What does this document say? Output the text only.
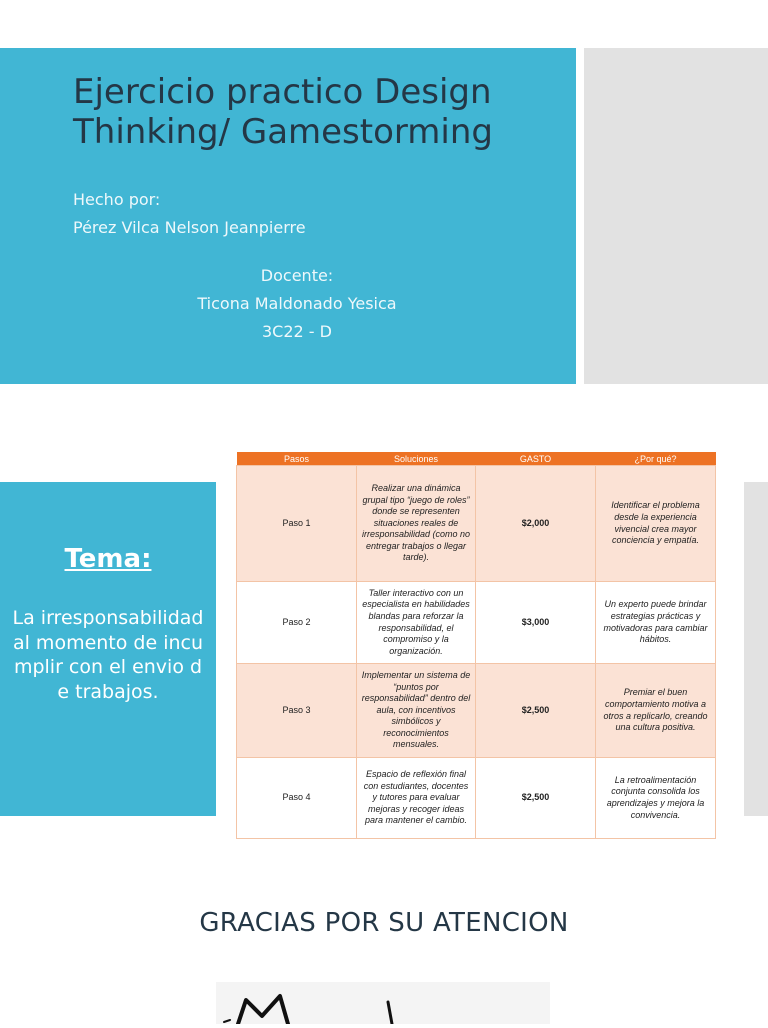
Ejercicio practico Design Thinking/ Gamestorming
Hecho por:
Pérez Vilca Nelson Jeanpierre
Docente:
Ticona Maldonado Yesica
3C22 - D
Tema:
La irresponsabilidad al momento de incumplir con el envio de trabajos.
Pasos	Soluciones	GASTO	¿Por qué?
Paso 1	Realizar una dinámica grupal tipo “juego de roles” donde se representen situaciones reales de irresponsabilidad (como no entregar trabajos o llegar tarde).	$2,000	Identificar el problema desde la experiencia vivencial crea mayor conciencia y empatía.
Paso 2	Taller interactivo con un especialista en habilidades blandas para reforzar la responsabilidad, el compromiso y la organización.	$3,000	Un experto puede brindar estrategias prácticas y motivadoras para cambiar hábitos.
Paso 3	Implementar un sistema de “puntos por responsabilidad” dentro del aula, con incentivos simbólicos y reconocimientos mensuales.	$2,500	Premiar el buen comportamiento motiva a otros a replicarlo, creando una cultura positiva.
Paso 4	Espacio de reflexión final con estudiantes, docentes y tutores para evaluar mejoras y recoger ideas para mantener el cambio.	$2,500	La retroalimentación conjunta consolida los aprendizajes y mejora la convivencia.
GRACIAS POR SU ATENCION
